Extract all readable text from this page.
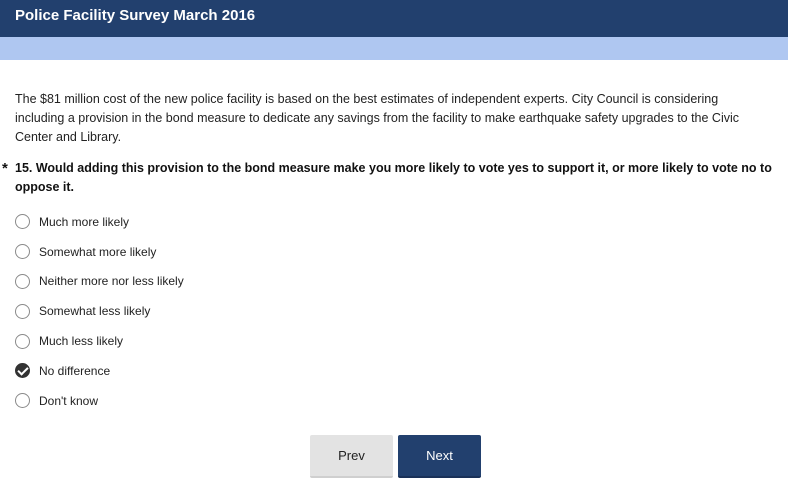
Police Facility Survey March 2016
The $81 million cost of the new police facility is based on the best estimates of independent experts. City Council is considering including a provision in the bond measure to dedicate any savings from the facility to make earthquake safety upgrades to the Civic Center and Library.
* 15. Would adding this provision to the bond measure make you more likely to vote yes to support it, or more likely to vote no to oppose it.
Much more likely
Somewhat more likely
Neither more nor less likely
Somewhat less likely
Much less likely
No difference
Don't know
Prev	Next
